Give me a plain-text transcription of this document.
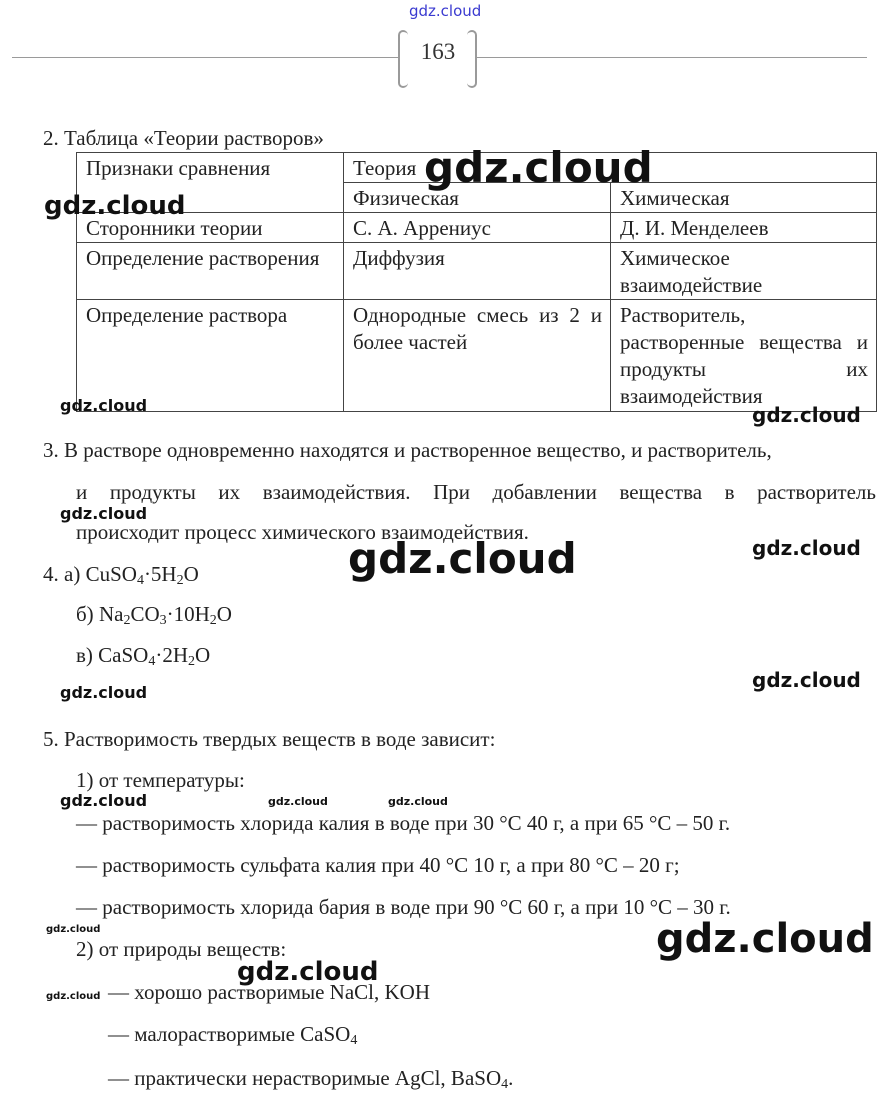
gdz.cloud
163
2. Таблица «Теории растворов»
Признаки сравнения	Теория	
	Физическая	Химическая
Сторонники теории	С. А. Аррениус	Д. И. Менделеев
Определение растворения	Диффузия	Химическое взаимодействие
Определение раствора	Однородные смесь из 2 и более частей	Растворитель, растворенные вещества и продукты их взаимодействия
3. В растворе одновременно находятся и растворенное вещество, и растворитель,
и продукты их взаимодействия. При добавлении вещества в растворитель
происходит процесс химического взаимодействия.
4. а) $CuSO_4\cdot 5H_2O$
б) $Na_2CO_3\cdot 10H_2O$
в) $CaSO_4\cdot 2H_2O$
5. Растворимость твердых веществ в воде зависит:
1) от температуры:
— растворимость хлорида калия в воде при 30 °C 40 г, а при 65 °C – 50 г.
— растворимость сульфата калия при 40 °C 10 г, а при 80 °C – 20 г;
— растворимость хлорида бария в воде при 90 °C 60 г, а при 10 °C – 30 г.
2) от природы веществ:
— хорошо растворимые NaCl, KOH
— малорастворимые CaSO$_4$
— практически нерастворимые AgCl, BaSO$_4$.
gdz.cloud
gdz.cloud
gdz.cloud	gdz.cloud
gdz.cloud
gdz.cloud
gdz.cloud
gdz.cloud
gdz.cloud
gdz.cloud	gdz.cloud	gdz.cloud
gdz.cloud	gdz.cloud
gdz.cloud
gdz.cloud
